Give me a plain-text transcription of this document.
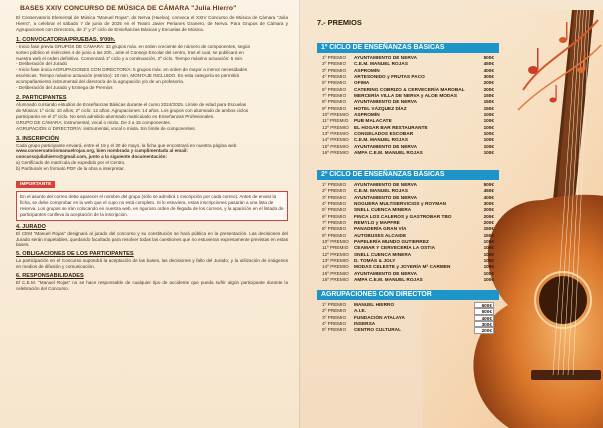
BASES XXIV CONCURSO DE MÚSICA DE CÁMARA "Julia Hierro"
El Conservatorio Elemental de Música "Manuel Rojas", de Nerva (Huelva), convoca el XXIV Concurso de Música de Cámara "Julia Hierro", a celebrar el sábado 7 de junio de 2025 en el Teatro Javier Perianes Granero, de Nerva. Para Grupos de Cámara y Agrupaciones con Director/a, de 1º y 2º ciclo de Enseñanzas Básicas y Escuelas de Música.
1. CONVOCATORIA/PRUEBAS. 9'00h.
- Inicio fase previa GRUPOS DE CÁMARA: 32 grupos máx. en orden creciente de número de componentes, según
sorteo público el miércoles 4 de junio a las 20h., ante el Consejo Escolar del centro, tras el cual, se publicará en
nuestra web el orden definitivo. Comenzará 1º ciclo y a continuación, 2º ciclo. Tiempo máximo actuación: 5 min.
- Deliberación del Jurado
- Inicio fase única AGRUPACIONES CON DIRECTOR/A: 5 grupos máx. en orden de mayor a menor necesidades
escénicas. Tiempo máximo actuación (estricto): 10 min. MONTAJE INCLUIDO. En esta categoría se permitirá
acompañamiento instrumental del director/a de la agrupación y/o de un profesor/a.
- Deliberación del Jurado y Entrega de Premios
2. PARTICIPANTES
Alumnado cursando estudios de Enseñanzas Básicas durante el curso 2024/2025. Límite de edad para Escuelas
de Música: 1º ciclo: 10 años; 2º ciclo: 12 años. Agrupaciones: 14 años. Los grupos con alumnado de ambos ciclos
participarán en el 2º ciclo. No será admitido alumnado matriculado en Enseñanzas Profesionales.
GRUPO DE CÁMARA: instrumental, vocal o mixto. De 2 a 15 componentes.
AGRUPACIÓN c/ DIRECTOR/A: instrumental, vocal o mixta. Sin límite de componentes.
3. INSCRIPCIÓN
Cada grupo participante enviará, entre el 19 y el 30 de mayo, la ficha que encontrará en nuestra página web
www.conservatoriomanuelrojas.org, bien nombrada y cumplimentada al email:
concursojuliahierro@gmail.com, junto a la siguiente documentación:
a) Certificado de matrícula de expedido por el Centro.
b) Partitura/s en formato PDF de la obra a interpretar.
IMPORTANTE
En el asunto del correo debe aparecer el nombre del grupo (sólo se admitirá 1 inscripción por cada correo). Antes de enviar la ficha, se debe comprobar en la web que el cupo no está completo. Si lo estuviera, estas inscripciones pasarán a una lista de reserva. Los grupos se irán colocando en nuestra web, en riguroso orden de llegada de los correos, y la aparición en el listado de participantes conlleva la aceptación de la inscripción.
4. JURADO
El CEM "Manuel Rojas" designará al jurado del concurso y su constitución se hará pública en la presentación. Las decisiones del Jurado serán inapelables, quedando facultado para resolver todas las cuestiones que no estuvieran expresamente previstas en estas bases.
5. OBLIGACIONES DE LOS PARTICIPANTES
La participación en el Concurso supondrá la aceptación de las bases, las decisiones y fallo del Jurado, y la utilización de imágenes en medios de difusión y comunicación.
6. RESPONSABILIDADES
El C.E.M. "Manuel Rojas" no se hace responsable de cualquier tipo de accidente que pueda sufrir algún participante durante la celebración del Concurso.
7.- PREMIOS
1º CICLO DE ENSEÑANZAS BÁSICAS
1º PREMIO	AYUNTAMIENTO DE NERVA	500€
2º PREMIO	C.E.M. MANUEL ROJAS	450€
3º PREMIO	ASPROMÍN	400€
4º PREMIO	ARTESONIDO y FRUTAS PACO	300€
5º PREMIO	OFIMA	200€
6º PREMIO	CATERING COBRIZO & CERVECERÍA MAROBAL	200€
7º PREMIO	MERCERÍA VILLA DE NERVA y ALOE MODAS	150€
8º PREMIO	AYUNTAMIENTO DE NERVA	150€
9º PREMIO	HOTEL VÁZQUEZ DÍAZ	150€
10º PREMIO	ASPROMÍN	100€
11º PREMIO	PUB MALACATE	100€
12º PREMIO	EL HOGAR BAR RESTAURANTE	100€
13º PREMIO	CONGELADOS ESCOBAR	100€
14º PREMIO	C.E.M. MANUEL ROJAS	100€
15º PREMIO	AYUNTAMIENTO DE NERVA	100€
16º PREMIO	AMPA C.E.M. MANUEL ROJAS	100€
2º CICLO DE ENSEÑANZAS BÁSICAS
1º PREMIO	AYUNTAMIENTO DE NERVA	500€
2º PREMIO	C.E.M. MANUEL ROJAS	450€
3º PREMIO	AYUNTAMIENTO DE NERVA	400€
4º PREMIO	NOGUERA MULTISERVICIOS y ROYMAN	300€
5º PREMIO	SNELL CUENCA MINERA	200€
6º PREMIO	FINCA LOS CALEROS y GASTROBAR TBO	200€
7º PREMIO	REMYLO y MAPFRE	200€
8º PREMIO	PANADERÍA GRAN VÍA	150€
9º PREMIO	AUTOBUSES ALCAIDE	150€
10º PREMIO	PAPELERÍA MUNDO GUTIERREZ	100€
11º PREMIO	CEAMAR Y CERVECERÍA LA OSTIA	100€
12º PREMIO	SNELL CUENCA MINERA	100€
13º PREMIO	D. TOMÁS & JOLY	100€
14º PREMIO	MODAS CELESTE y JOYERÍA Mª CARMEN	100€
15º PREMIO	AYUNTAMIENTO DE NERVA	100€
16º PREMIO	AMPA C.E.M. MANUEL ROJAS	100€
AGRUPACIONES CON DIRECTOR
1º PREMIO	MANUEL HIERRO	600€
2º PREMIO	A.I.E.	500€
3º PREMIO	FUNDACIÓN ATALAYA	400€
4º PREMIO	INSERSA	300€
5º PREMIO	CENTRO CULTURAL	200€
